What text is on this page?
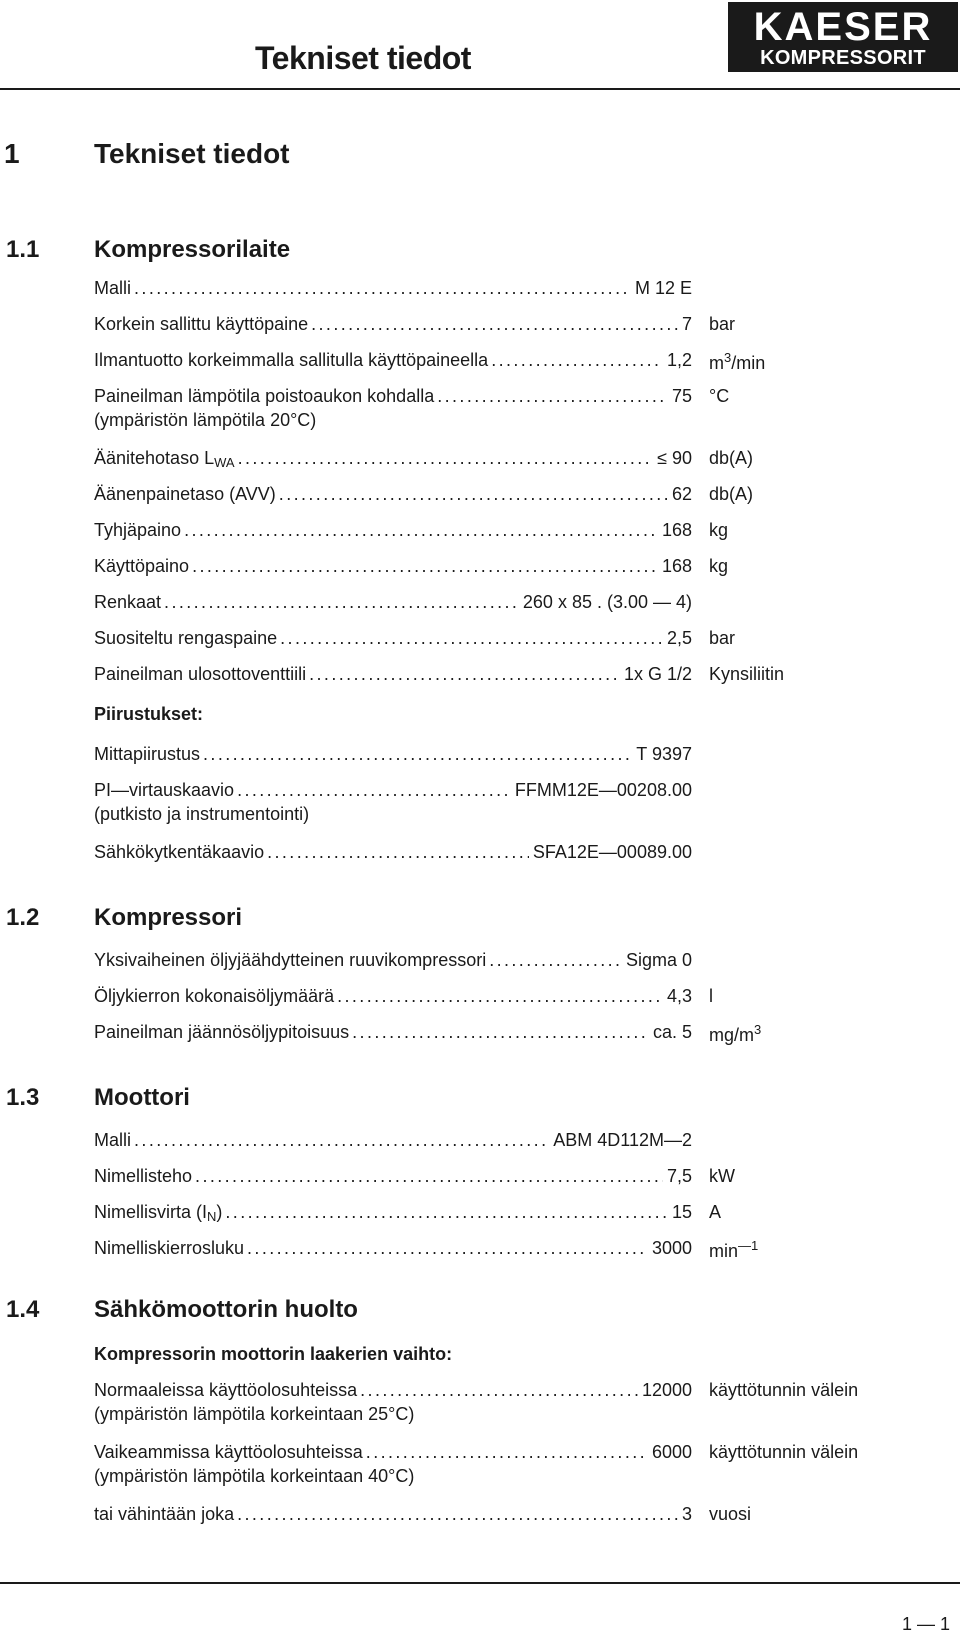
Tekniset tiedot
KAESER
KOMPRESSORIT
1	Tekniset tiedot
1.1	Kompressorilaite
Malli .....	M 12 E
Korkein sallittu käyttöpaine .....	7 bar
Ilmantuotto korkeimmalla sallitulla käyttöpaineella .....	1,2 $m^3/\min$
Paineilman lämpötila poistoaukon kohdalla .....	75 °C
(ympäristön lämpötila 20°C)
Äänitehotaso $L_{WA}$ .....	≤ 90 db(A)
Äänenpainetaso (AVV) .....	62 db(A)
Tyhjäpaino .....	168 kg
Käyttöpaino .....	168 kg
Renkaat .....	260 x 85 . (3.00 — 4)
Suositeltu rengaspaine .....	2,5 bar
Paineilman ulosottoventtiili .....	1x G 1/2 Kynsiliitin
Piirustukset:
Mittapiirustus .....	T 9397
PI—virtauskaavio .....	FFMM12E—00208.00
(putkisto ja instrumentointi)
Sähkökytkentäkaavio .....	SFA12E—00089.00
1.2	Kompressori
Yksivaiheinen öljyjäähdytteinen ruuvikompressori .....	Sigma 0
Öljykierron kokonaisöljymäärä .....	4,3 l
Paineilman jäännösöljypitoisuus .....	ca. 5 $mg/m^3$
1.3	Moottori
Malli .....	ABM 4D112M—2
Nimellisteho .....	7,5 kW
Nimellisvirta $(I_N)$ .....	15 A
Nimelliskierrosluku .....	3000 $\min^{—1}$
1.4	Sähkömoottorin huolto
Kompressorin moottorin laakerien vaihto:
Normaaleissa käyttöolosuhteissa .....	12000 käyttötunnin välein
(ympäristön lämpötila korkeintaan 25°C)
Vaikeammissa käyttöolosuhteissa .....	6000 käyttötunnin välein
(ympäristön lämpötila korkeintaan 40°C)
tai vähintään joka .....	3 vuosi
1 — 1
